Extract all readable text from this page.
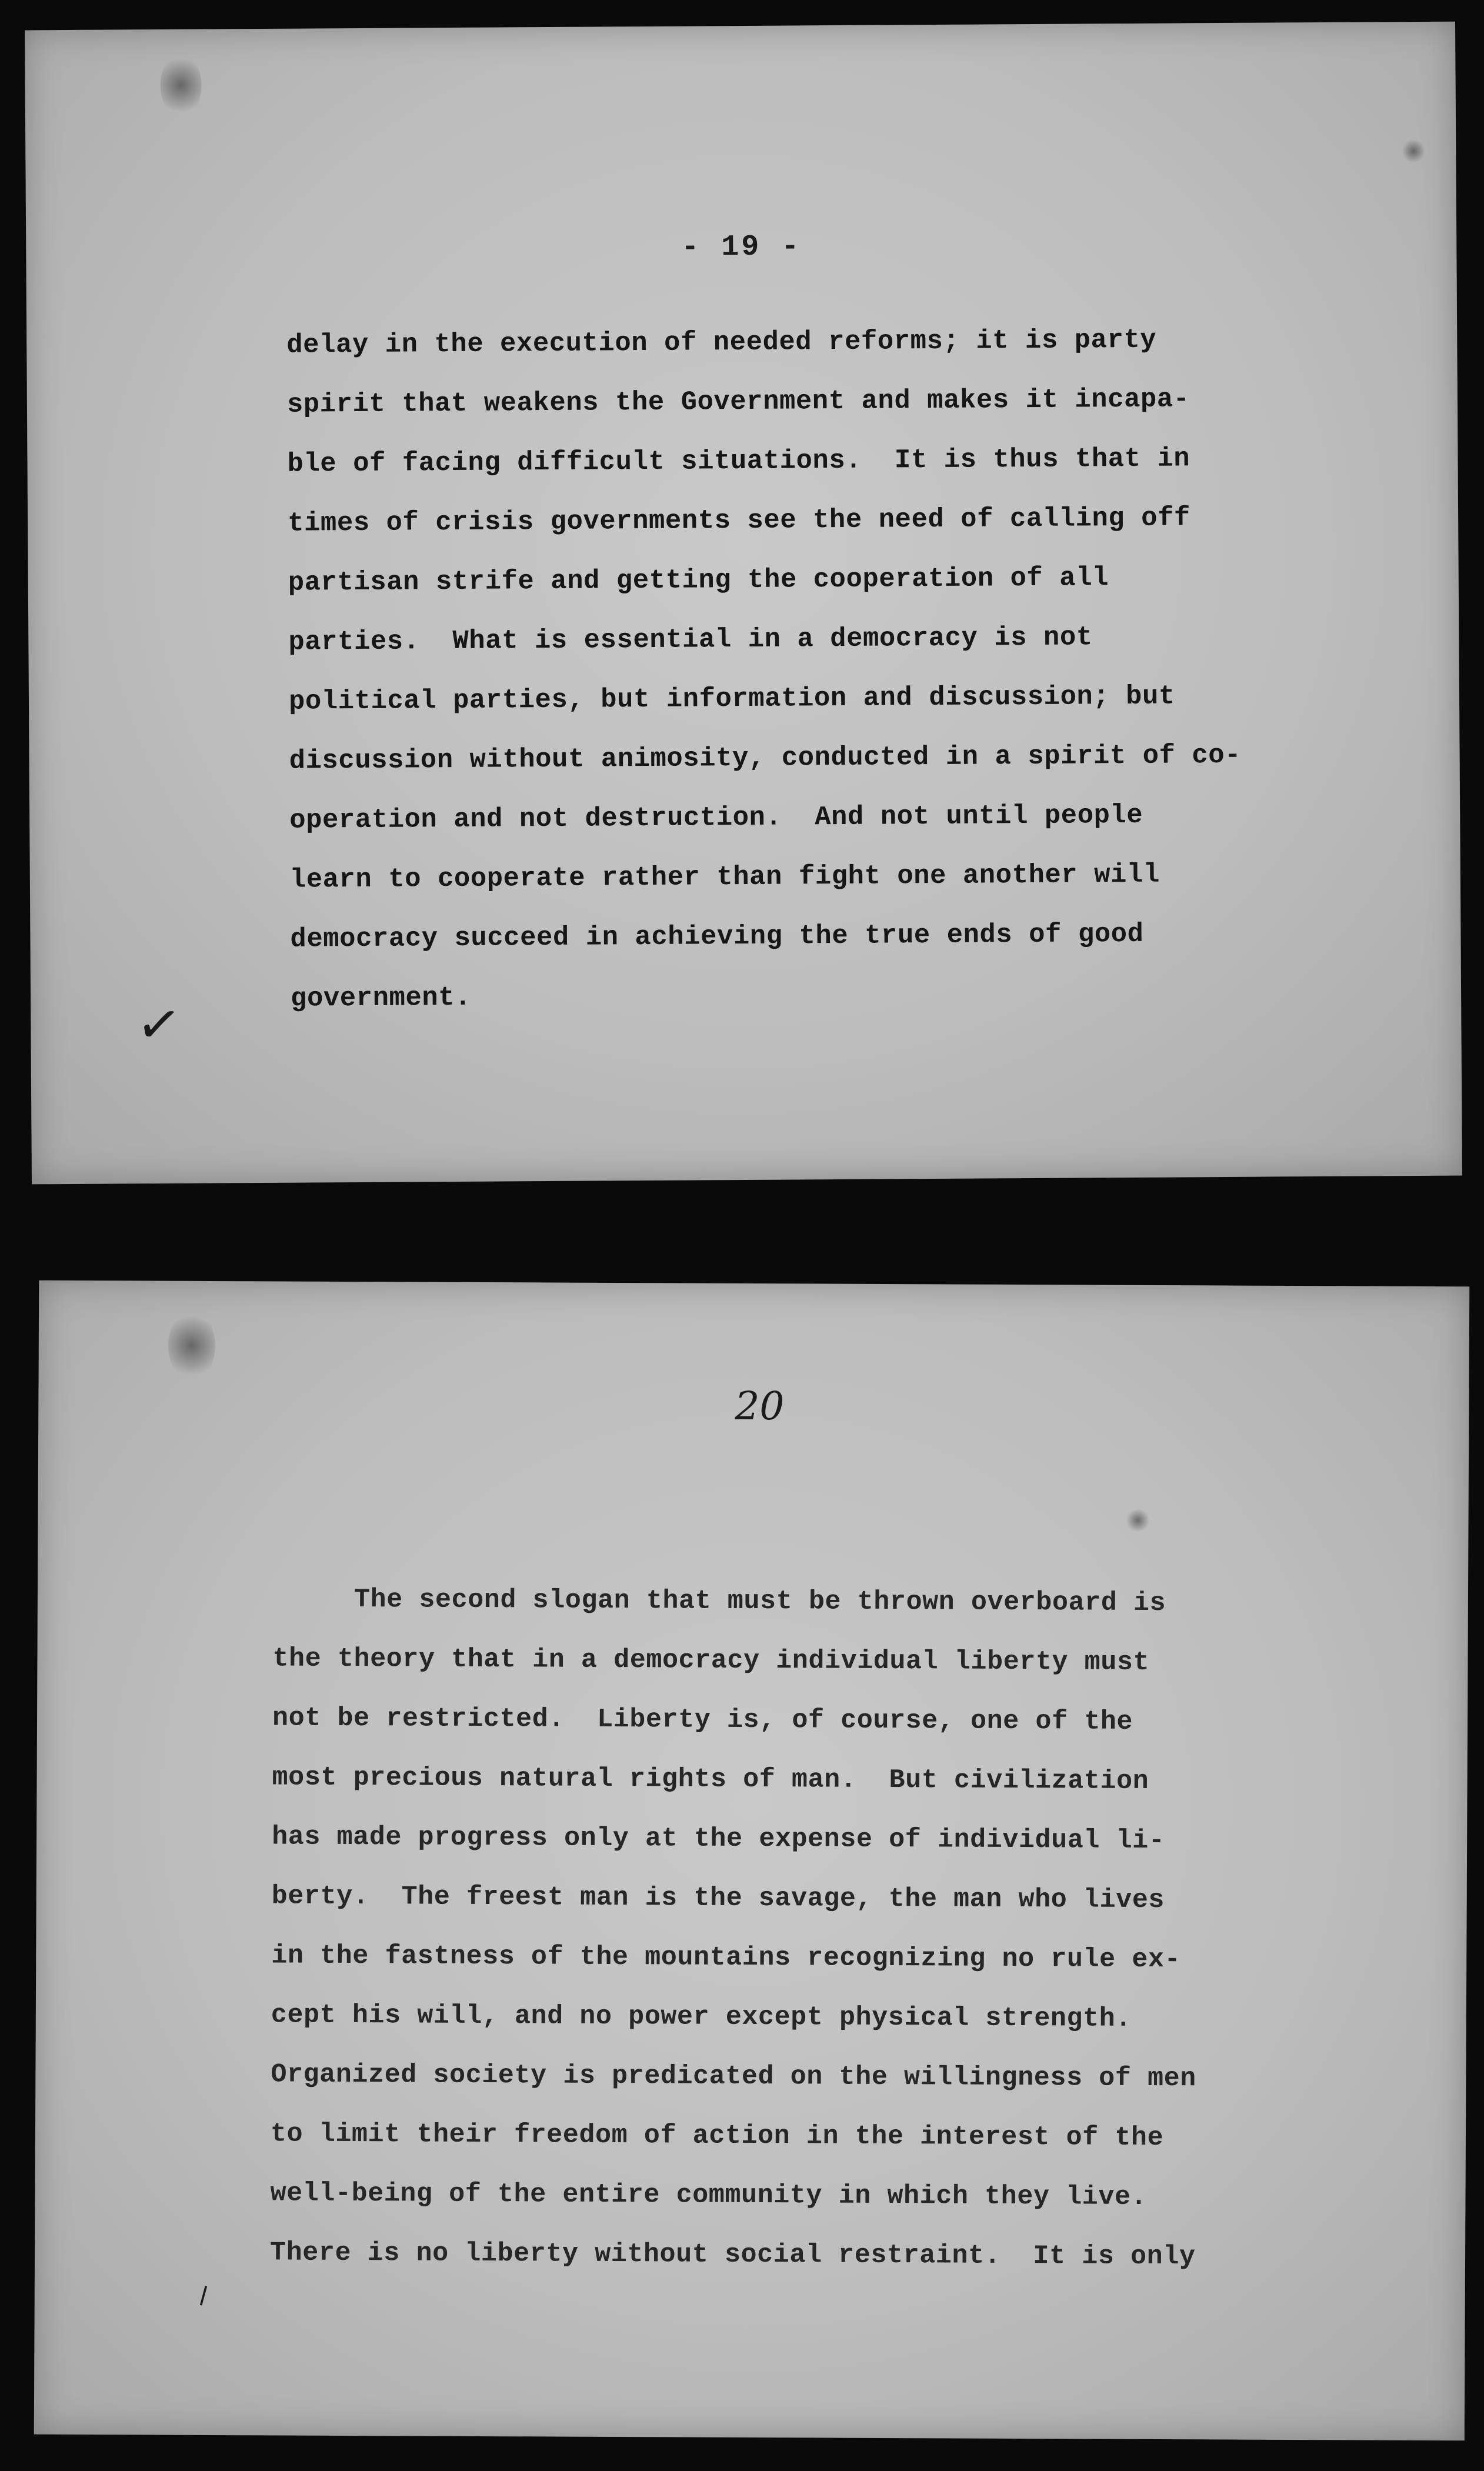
- 19 -
delay in the execution of needed reforms; it is party
spirit that weakens the Government and makes it incapa-
ble of facing difficult situations.  It is thus that in
times of crisis governments see the need of calling off
partisan strife and getting the cooperation of all
parties.  What is essential in a democracy is not
political parties, but information and discussion; but
discussion without animosity, conducted in a spirit of co-
operation and not destruction.  And not until people
learn to cooperate rather than fight one another will
democracy succeed in achieving the true ends of good
government.
✓
20
The second slogan that must be thrown overboard is
the theory that in a democracy individual liberty must
not be restricted.  Liberty is, of course, one of the
most precious natural rights of man.  But civilization
has made progress only at the expense of individual li-
berty.  The freest man is the savage, the man who lives
in the fastness of the mountains recognizing no rule ex-
cept his will, and no power except physical strength.
Organized society is predicated on the willingness of men
to limit their freedom of action in the interest of the
well-being of the entire community in which they live.
There is no liberty without social restraint.  It is only
⸝
